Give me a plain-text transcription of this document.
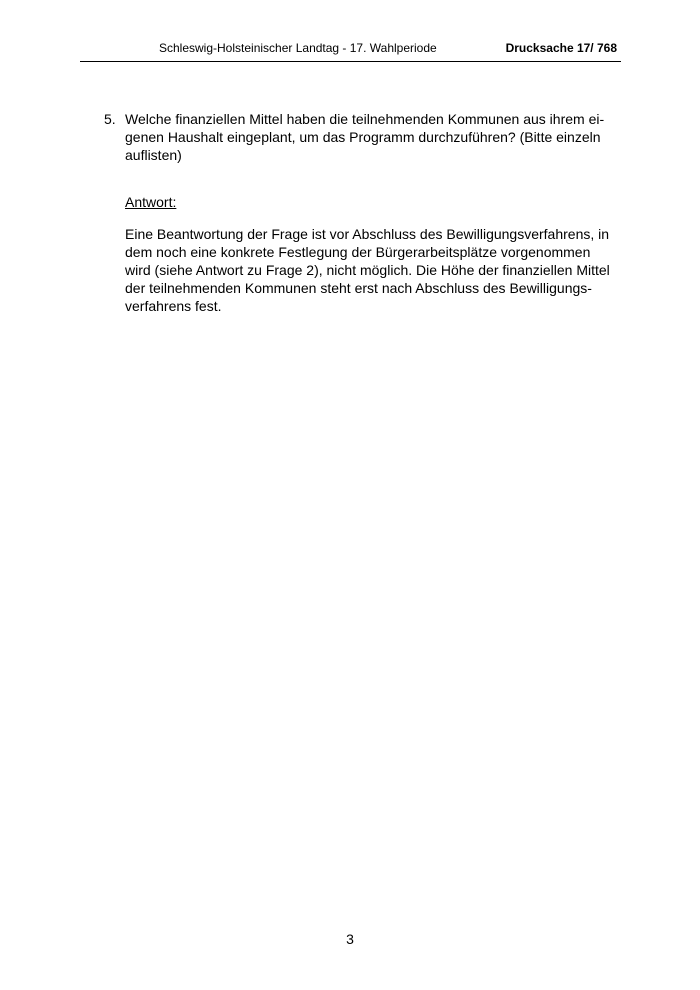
Schleswig-Holsteinischer Landtag - 17. Wahlperiode	Drucksache 17/ 768
5. Welche finanziellen Mittel haben die teilnehmenden Kommunen aus ihrem ei-
genen Haushalt eingeplant, um das Programm durchzuführen? (Bitte einzeln
auflisten)
Antwort:
Eine Beantwortung der Frage ist vor Abschluss des Bewilligungsverfahrens, in
dem noch eine konkrete Festlegung der Bürgerarbeitsplätze vorgenommen
wird (siehe Antwort zu Frage 2), nicht möglich. Die Höhe der finanziellen Mittel
der teilnehmenden Kommunen steht erst nach Abschluss des Bewilligungs-
verfahrens fest.
3
